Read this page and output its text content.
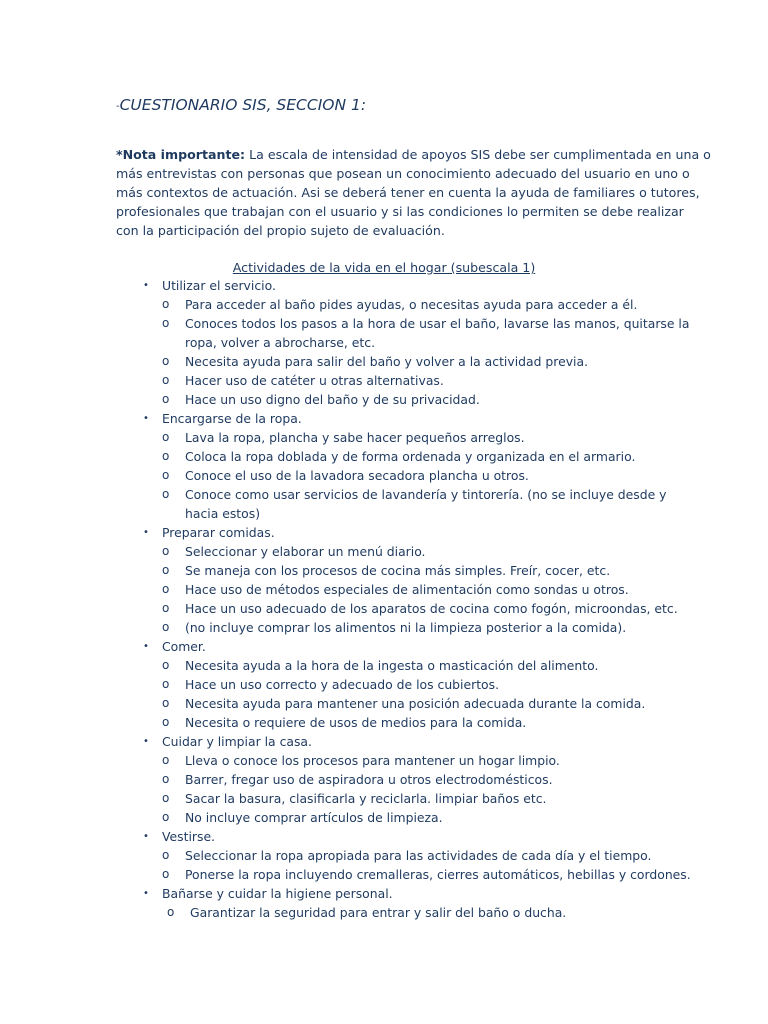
-CUESTIONARIO SIS, SECCION 1:
*Nota importante: La escala de intensidad de apoyos SIS debe ser cumplimentada en una o
más entrevistas con personas que posean un conocimiento adecuado del usuario en uno o
más contextos de actuación. Asi se deberá tener en cuenta la ayuda de familiares o tutores,
profesionales que trabajan con el usuario y si las condiciones lo permiten se debe realizar
con la participación del propio sujeto de evaluación.
Actividades de la vida en el hogar (subescala 1)
• Utilizar el servicio.
o Para acceder al baño pides ayudas, o necesitas ayuda para acceder a él.
o Conoces todos los pasos a la hora de usar el baño, lavarse las manos, quitarse la
ropa, volver a abrocharse, etc.
o Necesita ayuda para salir del baño y volver a la actividad previa.
o Hacer uso de catéter u otras alternativas.
o Hace un uso digno del baño y de su privacidad.
• Encargarse de la ropa.
o Lava la ropa, plancha y sabe hacer pequeños arreglos.
o Coloca la ropa doblada y de forma ordenada y organizada en el armario.
o Conoce el uso de la lavadora secadora plancha u otros.
o Conoce como usar servicios de lavandería y tintorería. (no se incluye desde y
hacia estos)
• Preparar comidas.
o Seleccionar y elaborar un menú diario.
o Se maneja con los procesos de cocina más simples. Freír, cocer, etc.
o Hace uso de métodos especiales de alimentación como sondas u otros.
o Hace un uso adecuado de los aparatos de cocina como fogón, microondas, etc.
o (no incluye comprar los alimentos ni la limpieza posterior a la comida).
• Comer.
o Necesita ayuda a la hora de la ingesta o masticación del alimento.
o Hace un uso correcto y adecuado de los cubiertos.
o Necesita ayuda para mantener una posición adecuada durante la comida.
o Necesita o requiere de usos de medios para la comida.
• Cuidar y limpiar la casa.
o Lleva o conoce los procesos para mantener un hogar limpio.
o Barrer, fregar uso de aspiradora u otros electrodomésticos.
o Sacar la basura, clasificarla y reciclarla. limpiar baños etc.
o No incluye comprar artículos de limpieza.
• Vestirse.
o Seleccionar la ropa apropiada para las actividades de cada día y el tiempo.
o Ponerse la ropa incluyendo cremalleras, cierres automáticos, hebillas y cordones.
• Bañarse y cuidar la higiene personal.
o Garantizar la seguridad para entrar y salir del baño o ducha.
